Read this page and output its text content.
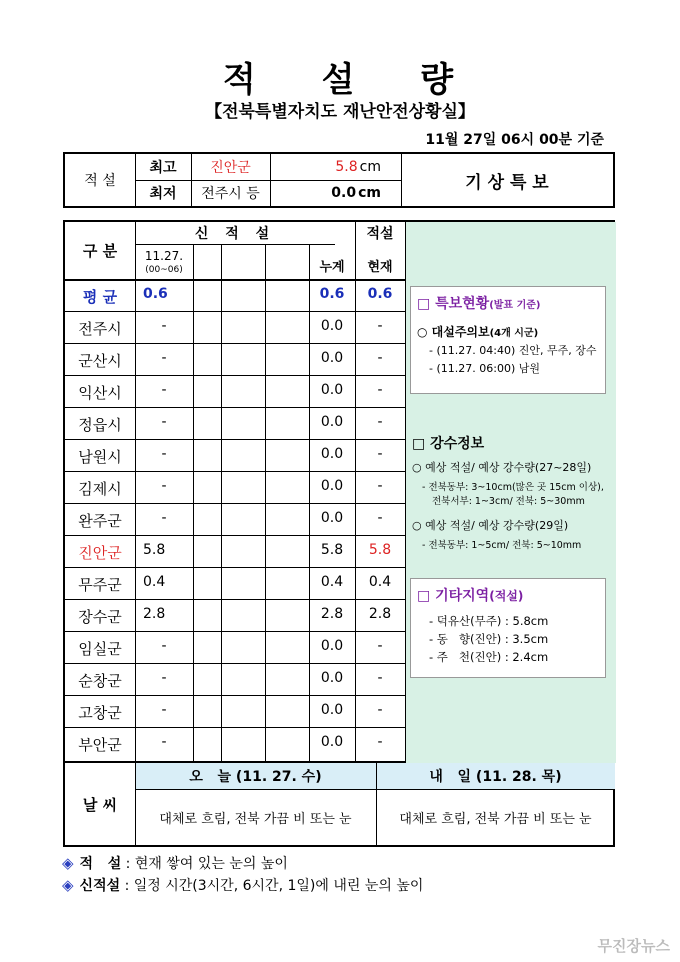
적 설 량
【전북특별자치도 재난안전상황실】
11월 27일 06시 00분 기준
적 설
최고	진안군	5.8 cm
최저	전주시 등	0.0 cm
기 상 특 보
구 분
신 적 설	적설
11.27.
(00~06)	누계	현재
평 균	0.6	0.6	0.6
전주시	-	0.0	-
군산시	-	0.0	-
익산시	-	0.0	-
정읍시	-	0.0	-
남원시	-	0.0	-
김제시	-	0.0	-
완주군	-	0.0	-
진안군	5.8	5.8	5.8
무주군	0.4	0.4	0.4
장수군	2.8	2.8	2.8
임실군	-	0.0	-
순창군	-	0.0	-
고창군	-	0.0	-
부안군	-	0.0	-
□ 특보현황(발표 기준)
○ 대설주의보(4개 시군)
- (11.27. 04:40) 진안, 무주, 장수
- (11.27. 06:00) 남원
□ 강수정보
○ 예상 적설/ 예상 강수량(27~28일)
- 전북동부: 3~10cm(많은 곳 15cm 이상),
전북서부: 1~3cm/ 전북: 5~30mm
○ 예상 적설/ 예상 강수량(29일)
- 전북동부: 1~5cm/ 전북: 5~10mm
□ 기타지역(적설)
- 덕유산(무주) : 5.8cm
- 동   향(진안) : 3.5cm
- 주   천(진안) : 2.4cm
날 씨
오   늘 (11. 27. 수)	내   일 (11. 28. 목)
대체로 흐림, 전북 가끔 비 또는 눈	대체로 흐림, 전북 가끔 비 또는 눈
◈ 적   설 : 현재 쌓여 있는 눈의 높이
◈ 신적설 : 일정 시간(3시간, 6시간, 1일)에 내린 눈의 높이
무진장뉴스
